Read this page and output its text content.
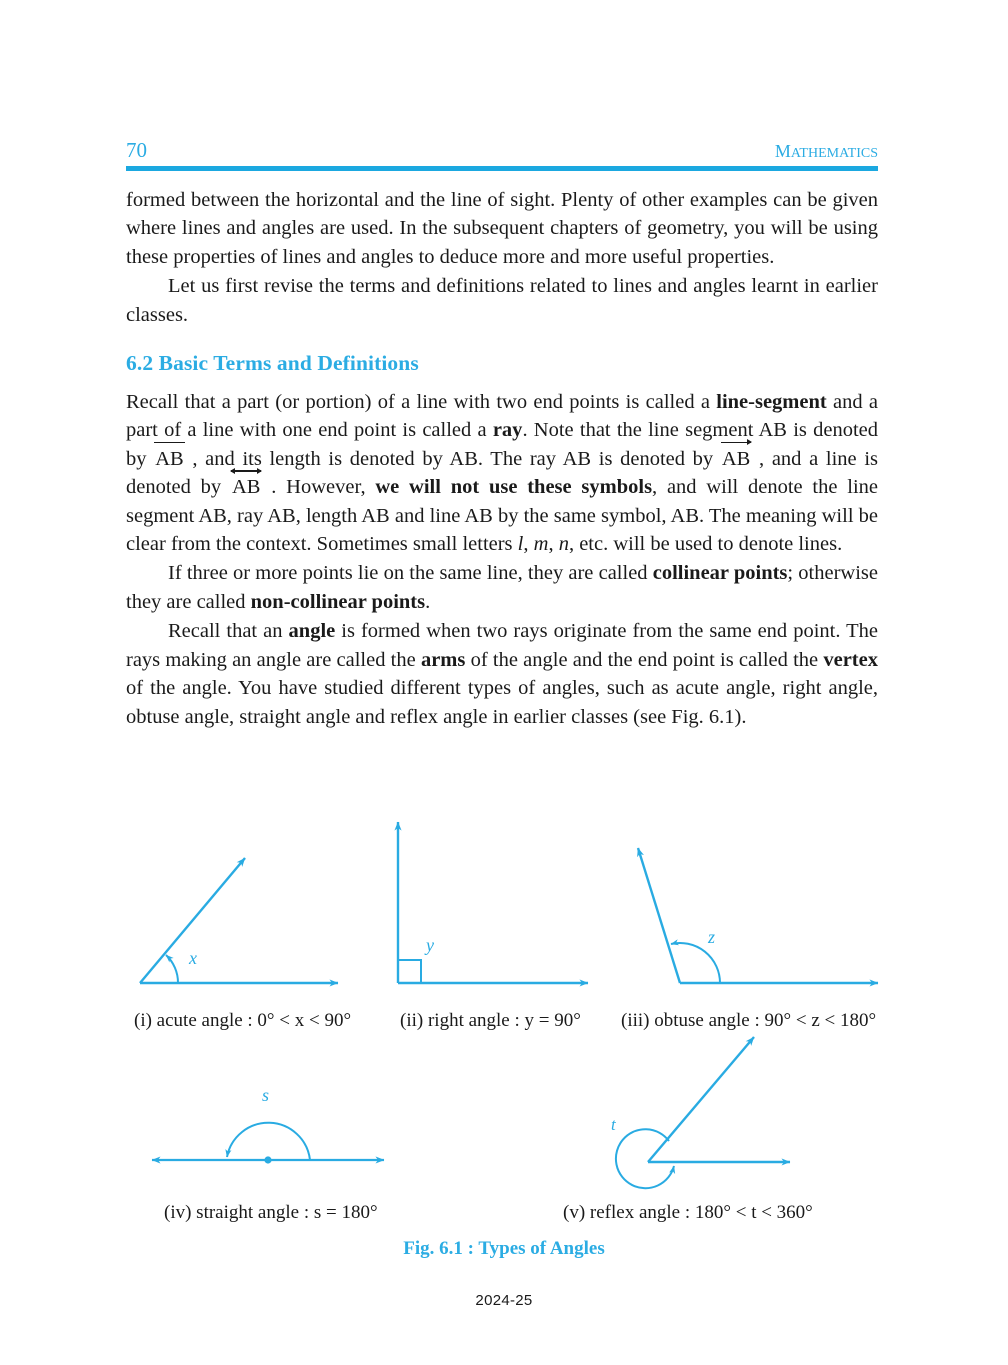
70	MATHEMATICS

formed between the horizontal and the line of sight. Plenty of other examples can be given where lines and angles are used. In the subsequent chapters of geometry, you will be using these properties of lines and angles to deduce more and more useful properties.

Let us first revise the terms and definitions related to lines and angles learnt in earlier classes.

6.2 Basic Terms and Definitions

Recall that a part (or portion) of a line with two end points is called a line-segment and a part of a line with one end point is called a ray. Note that the line segment AB is denoted by
AB , and its length is denoted by AB. The ray AB is denoted by
AB , and a line is denoted by
AB . However, we will not use these symbols, and will denote the line segment AB, ray AB, length AB and line AB by the same symbol, AB. The meaning will be clear from the context. Sometimes small letters l, m, n, etc. will be used to denote lines.

If three or more points lie on the same line, they are called collinear points; otherwise they are called non-collinear points.

Recall that an angle is formed when two rays originate from the same end point. The rays making an angle are called the arms of the angle and the end point is called the vertex of the angle. You have studied different types of angles, such as acute angle, right angle, obtuse angle, straight angle and reflex angle in earlier classes (see Fig. 6.1).

x
y	z
s
t
(i) acute angle : 0° < x < 90°	(ii) right angle : y = 90° (iii) obtuse angle : 90° < z < 180°
(iv) straight angle : s = 180°	(v) reflex angle : 180° < t < 360°
Fig. 6.1 : Types of Angles
2024-25
